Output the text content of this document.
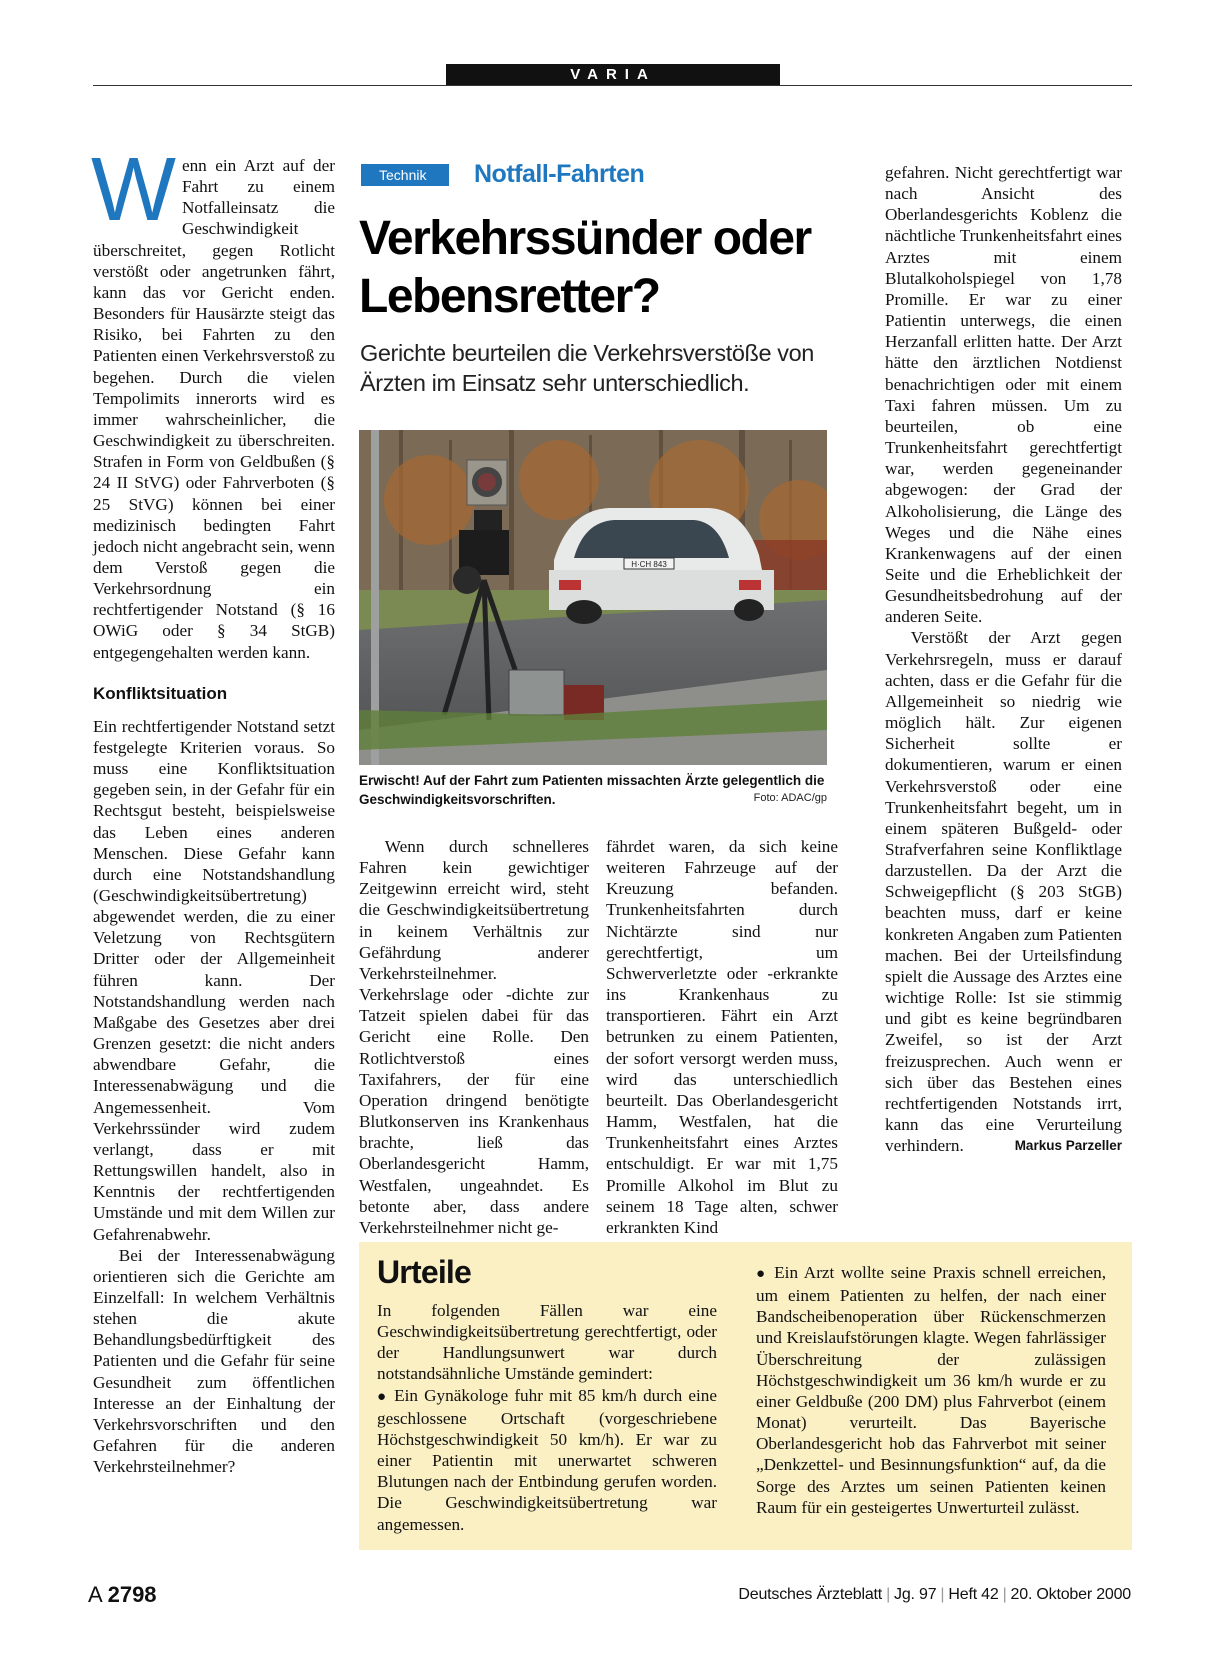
VARIA

Wenn ein Arzt auf der Fahrt zu einem Notfalleinsatz die Geschwindigkeit überschreitet, gegen Rotlicht verstößt oder angetrunken fährt, kann das vor Gericht enden. Besonders für Hausärzte steigt das Risiko, bei Fahrten zu den Patienten einen Verkehrsverstoß zu begehen. Durch die vielen Tempolimits innerorts wird es immer wahrscheinlicher, die Geschwindigkeit zu überschreiten. Strafen in Form von Geldbußen (§ 24 II StVG) oder Fahrverboten (§ 25 StVG) können bei einer medizinisch bedingten Fahrt jedoch nicht angebracht sein, wenn dem Verstoß gegen die Verkehrsordnung ein rechtfertigender Notstand (§ 16 OWiG oder § 34 StGB) entgegengehalten werden kann.

Konfliktsituation

Ein rechtfertigender Notstand setzt festgelegte Kriterien voraus. So muss eine Konfliktsituation gegeben sein, in der Gefahr für ein Rechtsgut besteht, beispielsweise das Leben eines anderen Menschen. Diese Gefahr kann durch eine Notstandshandlung (Geschwindigkeitsübertretung) abgewendet werden, die zu einer Veletzung von Rechtsgütern Dritter oder der Allgemeinheit führen kann. Der Notstandshandlung werden nach Maßgabe des Gesetzes aber drei Grenzen gesetzt: die nicht anders abwendbare Gefahr, die Interessenabwägung und die Angemessenheit. Vom Verkehrssünder wird zudem verlangt, dass er mit Rettungswillen handelt, also in Kenntnis der rechtfertigenden Umstände und mit dem Willen zur Gefahrenabwehr.

Bei der Interessenabwägung orientieren sich die Gerichte am Einzelfall: In welchem Verhältnis stehen die akute Behandlungsbedürftigkeit des Patienten und die Gefahr für seine Gesundheit zum öffentlichen Interesse an der Einhaltung der Verkehrsvorschriften und den Gefahren für die anderen Verkehrsteilnehmer?

Technik	Notfall-Fahrten
Verkehrssünder oder Lebensretter?
Gerichte beurteilen die Verkehrsverstöße von Ärzten im Einsatz sehr unterschiedlich.
H·CH 843
Erwischt! Auf der Fahrt zum Patienten missachten Ärzte gelegentlich die Geschwindigkeitsvorschriften.	Foto: ADAC/gp

Wenn durch schnelleres Fahren kein gewichtiger Zeitgewinn erreicht wird, steht die Geschwindigkeitsübertretung in keinem Verhältnis zur Gefährdung anderer Verkehrsteilnehmer. Verkehrslage oder -dichte zur Tatzeit spielen dabei für das Gericht eine Rolle. Den Rotlichtverstoß eines Taxifahrers, der für eine Operation dringend benötigte Blutkonserven ins Krankenhaus brachte, ließ das Oberlandesgericht Hamm, Westfalen, ungeahndet. Es betonte aber, dass andere Verkehrsteilnehmer nicht ge-

fährdet waren, da sich keine weiteren Fahrzeuge auf der Kreuzung befanden. Trunkenheitsfahrten durch Nichtärzte sind nur gerechtfertigt, um Schwerverletzte oder -erkrankte ins Krankenhaus zu transportieren. Fährt ein Arzt betrunken zu einem Patienten, der sofort versorgt werden muss, wird das unterschiedlich beurteilt. Das Oberlandesgericht Hamm, Westfalen, hat die Trunkenheitsfahrt eines Arztes entschuldigt. Er war mit 1,75 Promille Alkohol im Blut zu seinem 18 Tage alten, schwer erkrankten Kind

gefahren. Nicht gerechtfertigt war nach Ansicht des Oberlandesgerichts Koblenz die nächtliche Trunkenheitsfahrt eines Arztes mit einem Blutalkoholspiegel von 1,78 Promille. Er war zu einer Patientin unterwegs, die einen Herzanfall erlitten hatte. Der Arzt hätte den ärztlichen Notdienst benachrichtigen oder mit einem Taxi fahren müssen. Um zu beurteilen, ob eine Trunkenheitsfahrt gerechtfertigt war, werden gegeneinander abgewogen: der Grad der Alkoholisierung, die Länge des Weges und die Nähe eines Krankenwagens auf der einen Seite und die Erheblichkeit der Gesundheitsbedrohung auf der anderen Seite.

Verstößt der Arzt gegen Verkehrsregeln, muss er darauf achten, dass er die Gefahr für die Allgemeinheit so niedrig wie möglich hält. Zur eigenen Sicherheit sollte er dokumentieren, warum er einen Verkehrsverstoß oder eine Trunkenheitsfahrt begeht, um in einem späteren Bußgeld- oder Strafverfahren seine Konfliktlage darzustellen. Da der Arzt die Schweigepflicht (§ 203 StGB) beachten muss, darf er keine konkreten Angaben zum Patienten machen. Bei der Urteilsfindung spielt die Aussage des Arztes eine wichtige Rolle: Ist sie stimmig und gibt es keine begründbaren Zweifel, so ist der Arzt freizusprechen. Auch wenn er sich über das Bestehen eines rechtfertigenden Notstands irrt, kann das eine Verurteilung verhindern.	Markus Parzeller

Urteile

In folgenden Fällen war eine Geschwindigkeitsübertretung gerechtfertigt, oder der Handlungsunwert war durch notstandsähnliche Umstände gemindert:

● Ein Gynäkologe fuhr mit 85 km/h durch eine geschlossene Ortschaft (vorgeschriebene Höchstgeschwindigkeit 50 km/h). Er war zu einer Patientin mit unerwartet schweren Blutungen nach der Entbindung gerufen worden. Die Geschwindigkeitsübertretung war angemessen.

● Ein Arzt wollte seine Praxis schnell erreichen, um einem Patienten zu helfen, der nach einer Bandscheibenoperation über Rückenschmerzen und Kreislaufstörungen klagte. Wegen fahrlässiger Überschreitung der zulässigen Höchstgeschwindigkeit um 36 km/h wurde er zu einer Geldbuße (200 DM) plus Fahrverbot (einem Monat) verurteilt. Das Bayerische Oberlandesgericht hob das Fahrverbot mit seiner „Denkzettel- und Besinnungsfunktion“ auf, da die Sorge des Arztes um seinen Patienten keinen Raum für ein gesteigertes Unwerturteil zulässt.

A 2798	Deutsches Ärzteblatt | Jg. 97 | Heft 42 | 20. Oktober 2000
